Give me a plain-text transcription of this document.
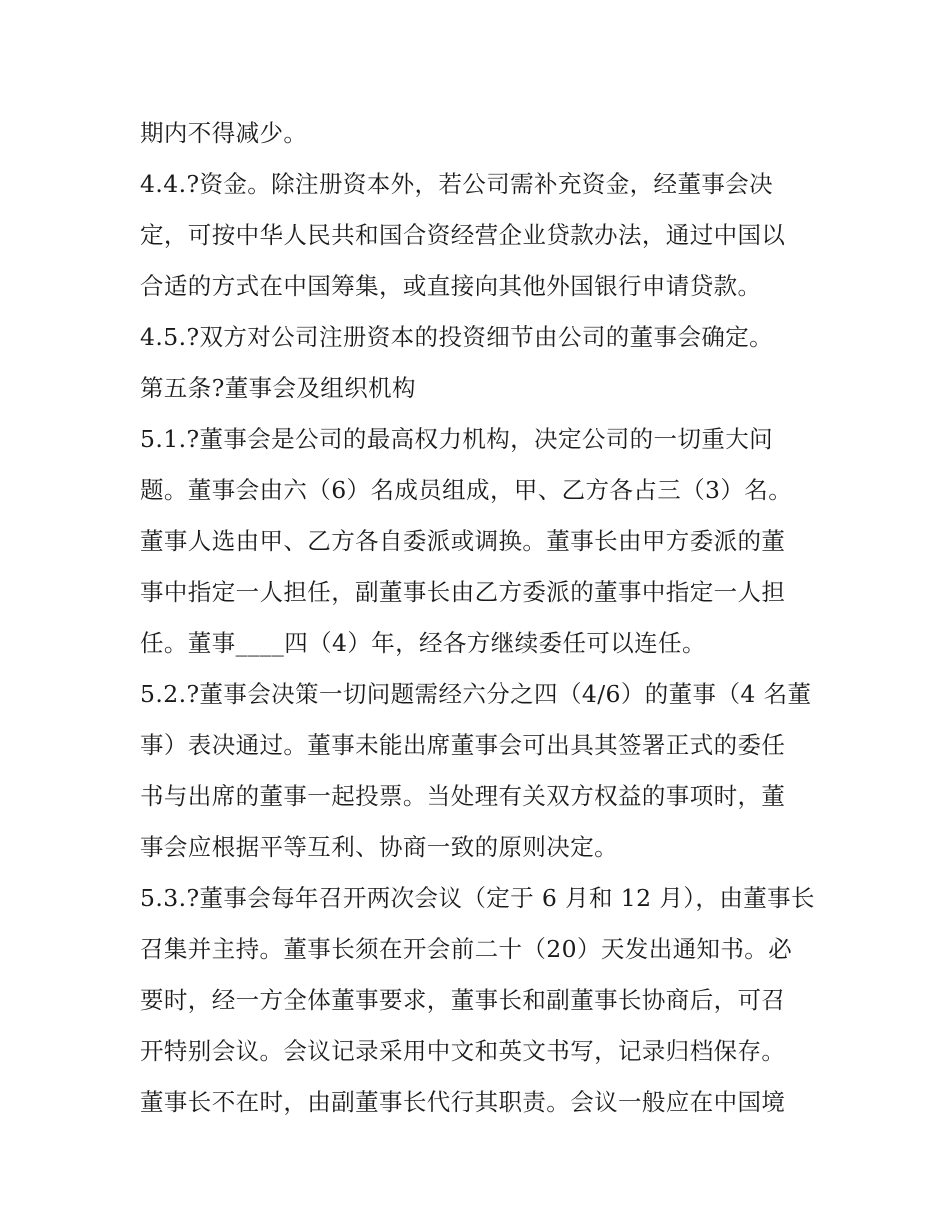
期内不得减少。
4.4.?资金。除注册资本外，若公司需补充资金，经董事会决
定，可按中华人民共和国合资经营企业贷款办法，通过中国以
合适的方式在中国筹集，或直接向其他外国银行申请贷款。
4.5.?双方对公司注册资本的投资细节由公司的董事会确定。
第五条?董事会及组织机构
5.1.?董事会是公司的最高权力机构，决定公司的一切重大问
题。董事会由六（6）名成员组成，甲、乙方各占三（3）名。
董事人选由甲、乙方各自委派或调换。董事长由甲方委派的董
事中指定一人担任，副董事长由乙方委派的董事中指定一人担
任。董事____四（4）年，经各方继续委任可以连任。
5.2.?董事会决策一切问题需经六分之四（4/6）的董事（4 名董
事）表决通过。董事未能出席董事会可出具其签署正式的委任
书与出席的董事一起投票。当处理有关双方权益的事项时，董
事会应根据平等互利、协商一致的原则决定。
5.3.?董事会每年召开两次会议（定于 6 月和 12 月），由董事长
召集并主持。董事长须在开会前二十（20）天发出通知书。必
要时，经一方全体董事要求，董事长和副董事长协商后，可召
开特别会议。会议记录采用中文和英文书写，记录归档保存。
董事长不在时，由副董事长代行其职责。会议一般应在中国境
